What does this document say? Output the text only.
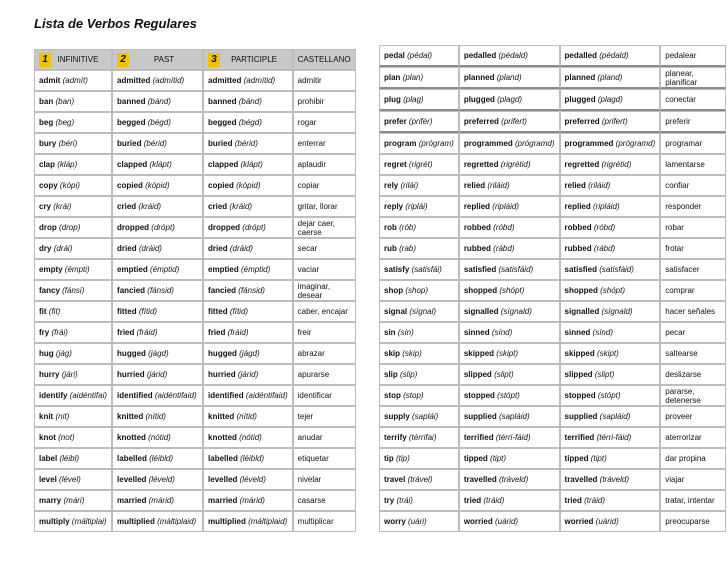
Lista de Verbos Regulares
1 INFINITIVE	2 PAST	3 PARTICIPLE	CASTELLANO
admit (admít)	admitted (admítid)	admitted (admítid)	admitir
ban (ban)	banned (bánd)	banned (bánd)	prohibir
beg (beg)	begged (bégd)	begged (bégd)	rogar
bury (béri)	buried (bérid)	buried (bérid)	enterrar
clap (kláp)	clapped (klápt)	clapped (klápt)	aplaudir
copy (kópi)	copied (kópid)	copied (kópid)	copiar
cry (krái)	cried (kráid)	cried (kráid)	gritar, llorar
drop (drop)	dropped (drópt)	dropped (drópt)	dejar caer, caerse
dry (drái)	dried (dráid)	dried (dráid)	secar
empty (émpti)	emptied (émptid)	emptied (émptid)	vaciar
fancy (fánsi)	fancied (fánsid)	fancied (fánsid)	imaginar, desear
fit (fit)	fitted (fítid)	fitted (fítid)	caber, encajar
fry (frái)	fried (fráid)	fried (fráid)	freir
hug (jág)	hugged (jágd)	hugged (jágd)	abrazar
hurry (jári)	hurried (járid)	hurried (járid)	apurarse
identify (aidéntifai)	identified (aidéntifaid)	identified (aidéntifaid)	identificar
knit (nit)	knitted (nítid)	knitted (nítid)	tejer
knot (not)	knotted (nótid)	knotted (nótid)	anudar
label (léibl)	labelled (léibld)	labelled (léibld)	etiquetar
level (lével)	levelled (léveld)	levelled (léveld)	nivelar
marry (mári)	married (márid)	married (márid)	casarse
multiply (máltiplai)	multiplied (máltiplaid)	multiplied (máltiplaid)	multiplicar
pedal (pédal)	pedalled (pédald)	pedalled (pédald)	pedalear
plan (plan)	planned (pland)	planned (pland)	planear, planificar
plug (plag)	plugged (plagd)	plugged (plagd)	conectar
prefer (prifér)	preferred (prifert)	preferred (prifert)	preferir
program (prógram)	programmed (prógramd)	programmed (prógramd)	programar
regret (rigrét)	regretted (rigrétid)	regretted (rigrétid)	lamentarse
rely (rilái)	relied (riláid)	relied (riláid)	confiar
reply (riplái)	replied (ripláid)	replied (ripláid)	responder
rob (rób)	robbed (róbd)	robbed (róbd)	robar
rub (rab)	rubbed (rábd)	rubbed (rábd)	frotar
satisfy (satisfái)	satisfied (satisfáid)	satisfied (satisfáid)	satisfacer
shop (shop)	shopped (shópt)	shopped (shópt)	comprar
signal (sígnal)	signalled (sígnald)	signalled (sígnald)	hacer señales
sin (sín)	sinned (sínd)	sinned (sínd)	pecar
skip (skip)	skipped (skipt)	skipped (skipt)	saltearse
slip (slip)	slipped (slipt)	slipped (slipt)	deslizarse
stop (stop)	stopped (stópt)	stopped (stópt)	pararse, detenerse
supply (saplái)	supplied (sapláid)	supplied (sapláid)	proveer
terrify (térrifai)	terrified (térri-fáid)	terrified (térri-fáid)	aterrorizar
tip (tip)	tipped (tipt)	tipped (tipt)	dar propina
travel (trável)	travelled (tráveld)	travelled (tráveld)	viajar
try (trái)	tried (tráid)	tried (tráid)	tratar, intentar
worry (uári)	worried (uárid)	worried (uárid)	preocuparse
